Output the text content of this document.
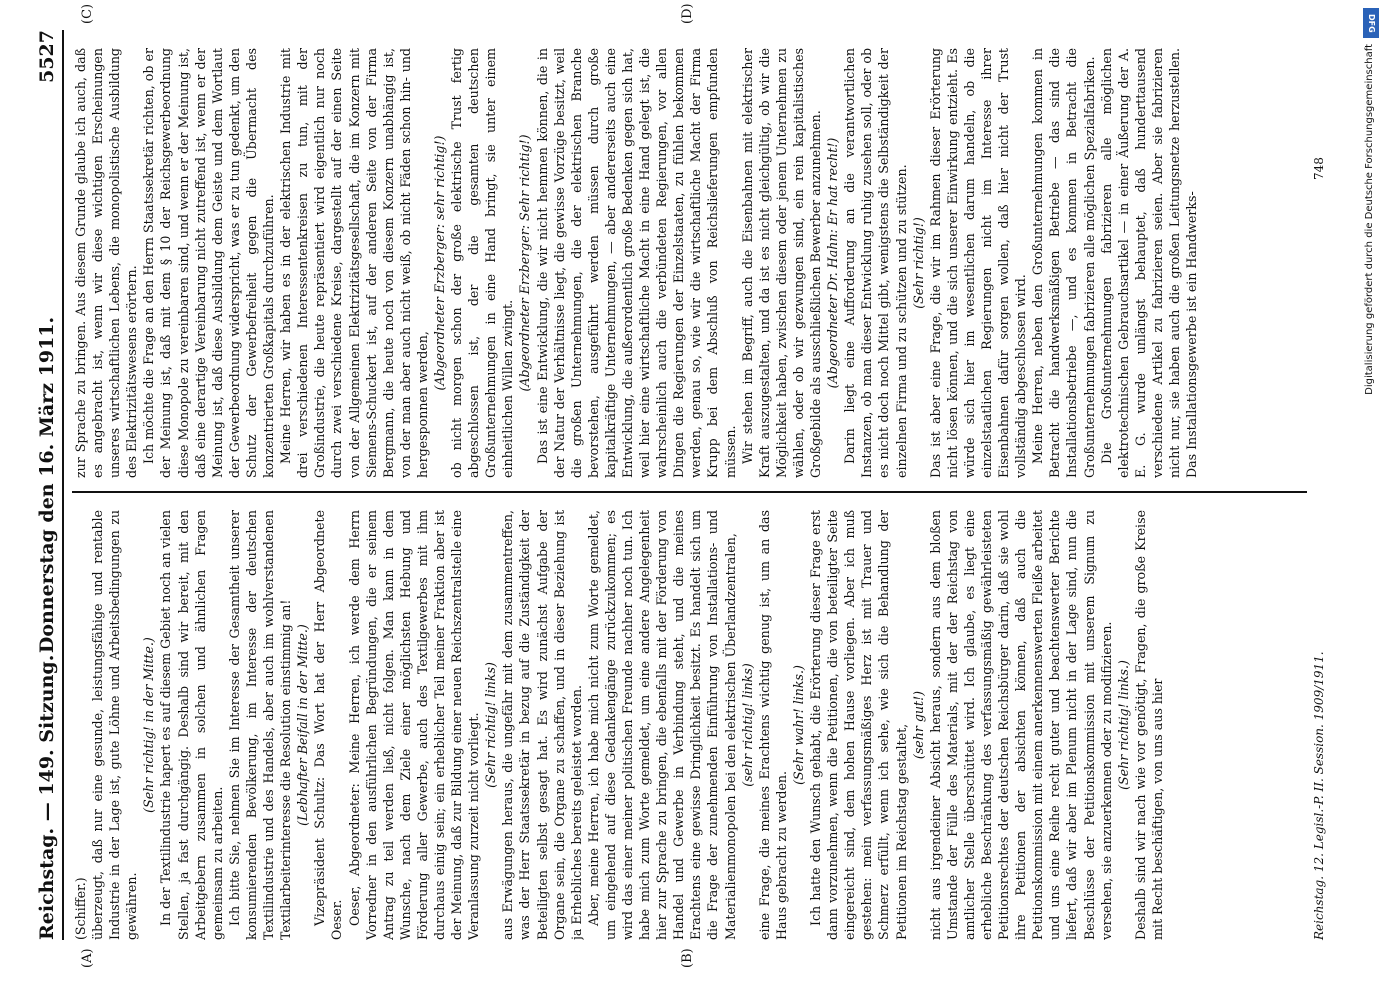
Reichstag. — 149. Sitzung.
Donnerstag den 16. März 1911.
5527
(A)	(B)
(C)	(D)

(Schiffer.) überzeugt, daß nur eine gesunde, leistungsfähige und rentable Industrie in der Lage ist, gute Löhne und Arbeitsbedingungen zu gewähren.

(Sehr richtig! in der Mitte.) In der Textilindustrie hapert es auf diesem Gebiet noch an vielen Stellen, ja fast durchgängig. Deshalb sind wir bereit, mit den Arbeitgebern zusammen in solchen und ähnlichen Fragen gemeinsam zu arbeiten. Ich bitte Sie, nehmen Sie im Interesse der Gesamtheit unserer konsumierenden Bevölkerung, im Interesse der deutschen Textilindustrie und des Handels, aber auch im wohlverstandenen Textilarbeiterinteresse die Resolution einstimmig an! (Lebhafter Beifall in der Mitte.) Vizepräsident Schultz: Das Wort hat der Herr Abgeordnete Oeser. Oeser, Abgeordneter: Meine Herren, ich werde dem Herrn Vorredner in den ausführlichen Begründungen, die er seinem Antrag zu teil werden ließ, nicht folgen. Man kann in dem Wunsche, nach dem Ziele einer möglichsten Hebung und Förderung aller Gewerbe, auch des Textilgewerbes mit ihm durchaus einig sein; ein erheblicher Teil meiner Fraktion aber ist der Meinung, daß zur Bildung einer neuen Reichszentralstelle eine Veranlassung zurzeit nicht vorliegt. (Sehr richtig! links) aus Erwägungen heraus, die ungefähr mit dem zusammentreffen, was der Herr Staatssekretär in bezug auf die Zuständigkeit der Beteiligten selbst gesagt hat. Es wird zunächst Aufgabe der Organe sein, die Organe zu schaffen, und in dieser Beziehung ist ja Erhebliches bereits geleistet worden. Aber, meine Herren, ich habe mich nicht zum Worte gemeldet, um eingehend auf diese Gedankengänge zurückzukommen; es wird das einer meiner politischen Freunde nachher noch tun. Ich habe mich zum Worte gemeldet, um eine andere Angelegenheit hier zur Sprache zu bringen, die ebenfalls mit der Förderung von Handel und Gewerbe in Verbindung steht, und die meines Erachtens eine gewisse Dringlichkeit besitzt. Es handelt sich um die Frage der zunehmenden Einführung von Installations- und Materialienmonopolen bei den elektrischen Überlandzentralen, (sehr richtig! links) eine Frage, die meines Erachtens wichtig genug ist, um an das Haus gebracht zu werden.

(Sehr wahr! links.) Ich hatte den Wunsch gehabt, die Erörterung dieser Frage erst dann vorzunehmen, wenn die Petitionen, die von beteiligter Seite eingereicht sind, dem hohen Hause vorliegen. Aber ich muß gestehen: mein verfassungsmäßiges Herz ist mit Trauer und Schmerz erfüllt, wenn ich sehe, wie sich die Behandlung der Petitionen im Reichstag gestaltet, (sehr gut!) nicht aus irgendeiner Absicht heraus, sondern aus dem bloßen Umstande der Fülle des Materials, mit der der Reichstag von amtlicher Stelle überschüttet wird. Ich glaube, es liegt eine erhebliche Beschränkung des verfassungsmäßig gewährleisteten Petitionsrechtes der deutschen Reichsbürger darin, daß sie wohl ihre Petitionen der absichten können, daß auch die Petitionskommission mit einem anerkennenswerten Fleiße arbeitet und uns eine Reihe recht guter und beachtenswerter Berichte liefert, daß wir aber im Plenum nicht in der Lage sind, nun die Beschlüsse der Petitionskommission mit unserem Signum zu versehen, sie anzuerkennen oder zu modifizieren. (Sehr richtig! links.) Deshalb sind wir nach wie vor genötigt, Fragen, die große Kreise mit Recht beschäftigen, von uns aus hier

zur Sprache zu bringen. Aus diesem Grunde glaube ich auch, daß es angebracht ist, wenn wir diese wichtigen Erscheinungen unseres wirtschaftlichen Lebens, die monopolistische Ausbildung des Elektrizitätswesens erörtern. Ich möchte die Frage an den Herrn Staatssekretär richten, ob er der Meinung ist, daß mit dem § 10 der Reichsgewerbeordnung diese Monopole zu vereinbaren sind, und wenn er der Meinung ist, daß eine derartige Vereinbarung nicht zutreffend ist, wenn er der Meinung ist, daß diese Ausbildung dem Geiste und dem Wortlaut der Gewerbeordnung widerspricht, was er zu tun gedenkt, um den Schutz der Gewerbefreiheit gegen die Übermacht des konzentrierten Großkapitals durchzuführen. Meine Herren, wir haben es in der elektrischen Industrie mit drei verschiedenen Interessentenkreisen zu tun, mit der Großindustrie, die heute repräsentiert wird eigentlich nur noch durch zwei verschiedene Kreise, dargestellt auf der einen Seite von der Allgemeinen Elektrizitätsgesellschaft, die im Konzern mit Siemens-Schuckert ist, auf der anderen Seite von der Firma Bergmann, die heute noch von diesem Konzern unabhängig ist, von der man aber auch nicht weiß, ob nicht Fäden schon hin- und hergesponnen werden,

(Abgeordneter Erzberger: sehr richtig!) ob nicht morgen schon der große elektrische Trust fertig abgeschlossen ist, der die gesamten deutschen Großunternehmungen in eine Hand bringt, sie unter einem einheitlichen Willen zwingt. (Abgeordneter Erzberger: Sehr richtig!) Das ist eine Entwicklung, die wir nicht hemmen können, die in der Natur der Verhältnisse liegt, die gewisse Vorzüge besitzt, weil die großen Unternehmungen, die der elektrischen Branche bevorstehen, ausgeführt werden müssen durch große kapitalkräftige Unternehmungen, — aber andererseits auch eine Entwicklung, die außerordentlich große Bedenken gegen sich hat, weil hier eine wirtschaftliche Macht in eine Hand gelegt ist, die wahrscheinlich auch die verbündeten Regierungen, vor allen Dingen die Regierungen der Einzelstaaten, zu fühlen bekommen werden, genau so, wie wir die wirtschaftliche Macht der Firma Krupp bei dem Abschluß von Reichslieferungen empfunden müssen. Wir stehen im Begriff, auch die Eisenbahnen mit elektrischer Kraft auszugestalten, und da ist es nicht gleichgültig, ob wir die Möglichkeit haben, zwischen diesem oder jenem Unternehmen zu wählen, oder ob wir gezwungen sind, ein rein kapitalistisches Großgebilde als ausschließlichen Bewerber anzunehmen. (Abgeordneter Dr. Hahn: Er hat recht!) Darin liegt eine Aufforderung an die verantwortlichen Instanzen, ob man dieser Entwicklung ruhig zusehen soll, oder ob es nicht doch noch Mittel gibt, wenigstens die Selbständigkeit der einzelnen Firma und zu schützen und zu stützen. (Sehr richtig!) Das ist aber eine Frage, die wir im Rahmen dieser Erörterung nicht lösen können, und die sich unserer Einwirkung entzieht. Es würde sich hier im wesentlichen darum handeln, ob die einzelstaatlichen Regierungen nicht im Interesse ihrer Eisenbahnen dafür sorgen wollen, daß hier nicht der Trust vollständig abgeschlossen wird. Meine Herren, neben den Großunternehmungen kommen in Betracht die handwerksmäßigen Betriebe — das sind die Installationsbetriebe —, und es kommen in Betracht die Großunternehmungen fabrizieren alle möglichen Spezialfabriken. Die Großunternehmungen fabrizieren alle möglichen elektrotechnischen Gebrauchsartikel — in einer Äußerung der A. E. G. wurde unlängst behauptet, daß hunderttausend verschiedene Artikel zu fabrizieren seien. Aber sie fabrizieren nicht nur, sie haben auch die großen Leitungsnetze herzustellen. Das Installationsgewerbe ist ein Handwerks-

Reichstag. 12. Legisl.-P. II. Session. 1909/1911.
748
DFG
Digitalisierung gefördert durch die Deutsche Forschungsgemeinschaft
